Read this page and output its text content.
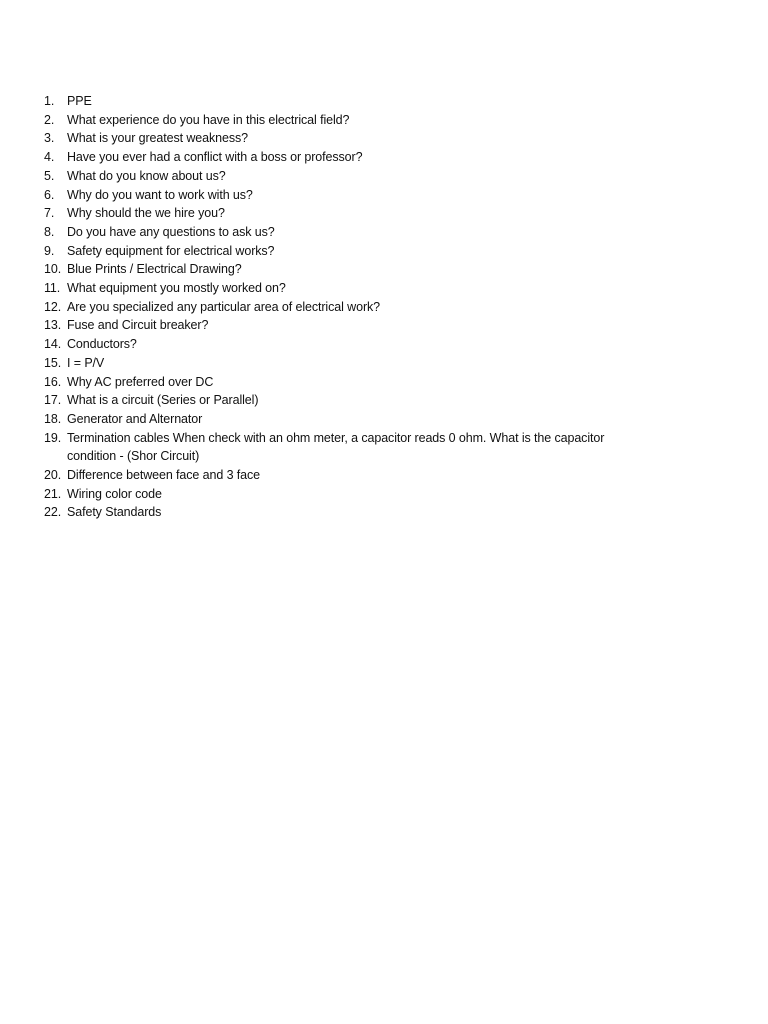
1.	PPE
2.	What experience do you have in this electrical field?
3.	What is your greatest weakness?
4.	Have you ever had a conflict with a boss or professor?
5.	What do you know about us?
6.	Why do you want to work with us?
7.	Why should the we hire you?
8.	Do you have any questions to ask us?
9.	Safety equipment for electrical works?
10. Blue Prints / Electrical Drawing?
11. What equipment you mostly worked on?
12. Are you specialized any particular area of electrical work?
13. Fuse and Circuit breaker?
14. Conductors?
15. I = P/V
16. Why AC preferred over DC
17. What is a circuit (Series or Parallel)
18. Generator and Alternator
19. Termination cables When check with an ohm meter, a capacitor reads 0 ohm. What is the capacitor condition - (Shor Circuit)
20. Difference between face and 3 face
21. Wiring color code
22. Safety Standards
